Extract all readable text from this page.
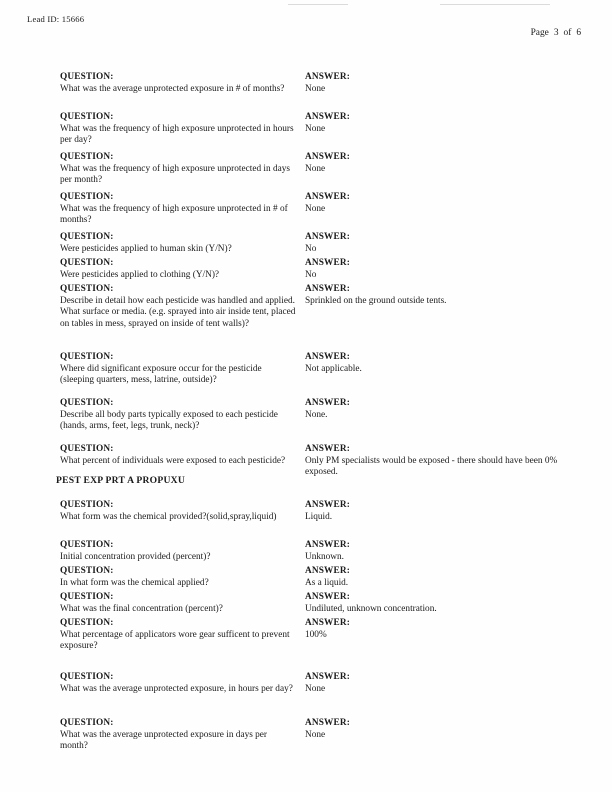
Lead ID: 15666
Page 3 of 6
QUESTION:
What was the average unprotected exposure in # of months?
ANSWER:
None
QUESTION:
What was the frequency of high exposure unprotected in hours per day?
ANSWER:
None
QUESTION:
What was the frequency of high exposure unprotected in days per month?
ANSWER:
None
QUESTION:
What was the frequency of high exposure unprotected in # of months?
ANSWER:
None
QUESTION:
Were pesticides applied to human skin (Y/N)?
ANSWER:
No
QUESTION:
Were pesticides applied to clothing (Y/N)?
ANSWER:
No
QUESTION:
Describe in detail how each pesticide was handled and applied. What surface or media. (e.g. sprayed into air inside tent, placed on tables in mess, sprayed on inside of tent walls)?
ANSWER:
Sprinkled on the ground outside tents.
QUESTION:
Where did significant exposure occur for the pesticide (sleeping quarters, mess, latrine, outside)?
ANSWER:
Not applicable.
QUESTION:
Describe all body parts typically exposed to each pesticide (hands, arms, feet, legs, trunk, neck)?
ANSWER:
None.
QUESTION:
What percent of individuals were exposed to each pesticide?
ANSWER:
Only PM specialists would be exposed - there should have been 0% exposed.
QUESTION:
What form was the chemical provided?(solid,spray,liquid)
ANSWER:
Liquid.
QUESTION:
Initial concentration provided (percent)?
ANSWER:
Unknown.
QUESTION:
In what form was the chemical applied?
ANSWER:
As a liquid.
QUESTION:
What was the final concentration (percent)?
ANSWER:
Undiluted, unknown concentration.
QUESTION:
What percentage of applicators wore gear sufficent to prevent exposure?
ANSWER:
100%
QUESTION:
What was the average unprotected exposure, in hours per day?
ANSWER:
None
QUESTION:
What was the average unprotected exposure in days per month?
ANSWER:
None
PEST EXP PRT A PROPUXU
